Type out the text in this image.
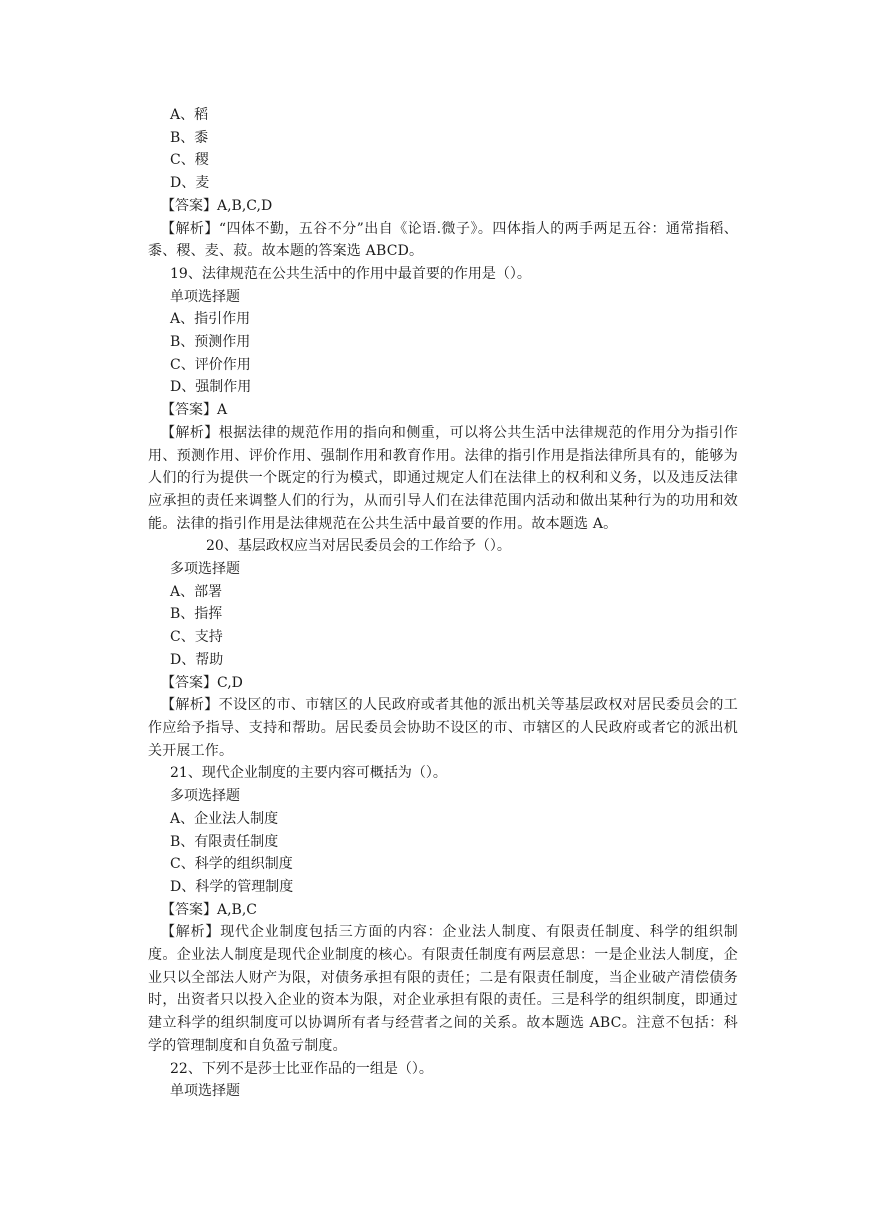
A、稻
B、黍
C、稷
D、麦
【答案】A,B,C,D
【解析】“四体不勤，五谷不分”出自《论语.微子》。四体指人的两手两足五谷：通常指稻、黍、稷、麦、菽。故本题的答案选 ABCD。
19、法律规范在公共生活中的作用中最首要的作用是（）。
单项选择题
A、指引作用
B、预测作用
C、评价作用
D、强制作用
【答案】A
【解析】根据法律的规范作用的指向和侧重，可以将公共生活中法律规范的作用分为指引作用、预测作用、评价作用、强制作用和教育作用。法律的指引作用是指法律所具有的，能够为人们的行为提供一个既定的行为模式，即通过规定人们在法律上的权利和义务，以及违反法律应承担的责任来调整人们的行为，从而引导人们在法律范围内活动和做出某种行为的功用和效能。法律的指引作用是法律规范在公共生活中最首要的作用。故本题选 A。
20、基层政权应当对居民委员会的工作给予（）。
多项选择题
A、部署
B、指挥
C、支持
D、帮助
【答案】C,D
【解析】不设区的市、市辖区的人民政府或者其他的派出机关等基层政权对居民委员会的工作应给予指导、支持和帮助。居民委员会协助不设区的市、市辖区的人民政府或者它的派出机关开展工作。
21、现代企业制度的主要内容可概括为（）。
多项选择题
A、企业法人制度
B、有限责任制度
C、科学的组织制度
D、科学的管理制度
【答案】A,B,C
【解析】现代企业制度包括三方面的内容：企业法人制度、有限责任制度、科学的组织制度。企业法人制度是现代企业制度的核心。有限责任制度有两层意思：一是企业法人制度，企业只以全部法人财产为限，对债务承担有限的责任；二是有限责任制度，当企业破产清偿债务时，出资者只以投入企业的资本为限，对企业承担有限的责任。三是科学的组织制度，即通过建立科学的组织制度可以协调所有者与经营者之间的关系。故本题选 ABC。注意不包括：科学的管理制度和自负盈亏制度。
22、下列不是莎士比亚作品的一组是（）。
单项选择题
